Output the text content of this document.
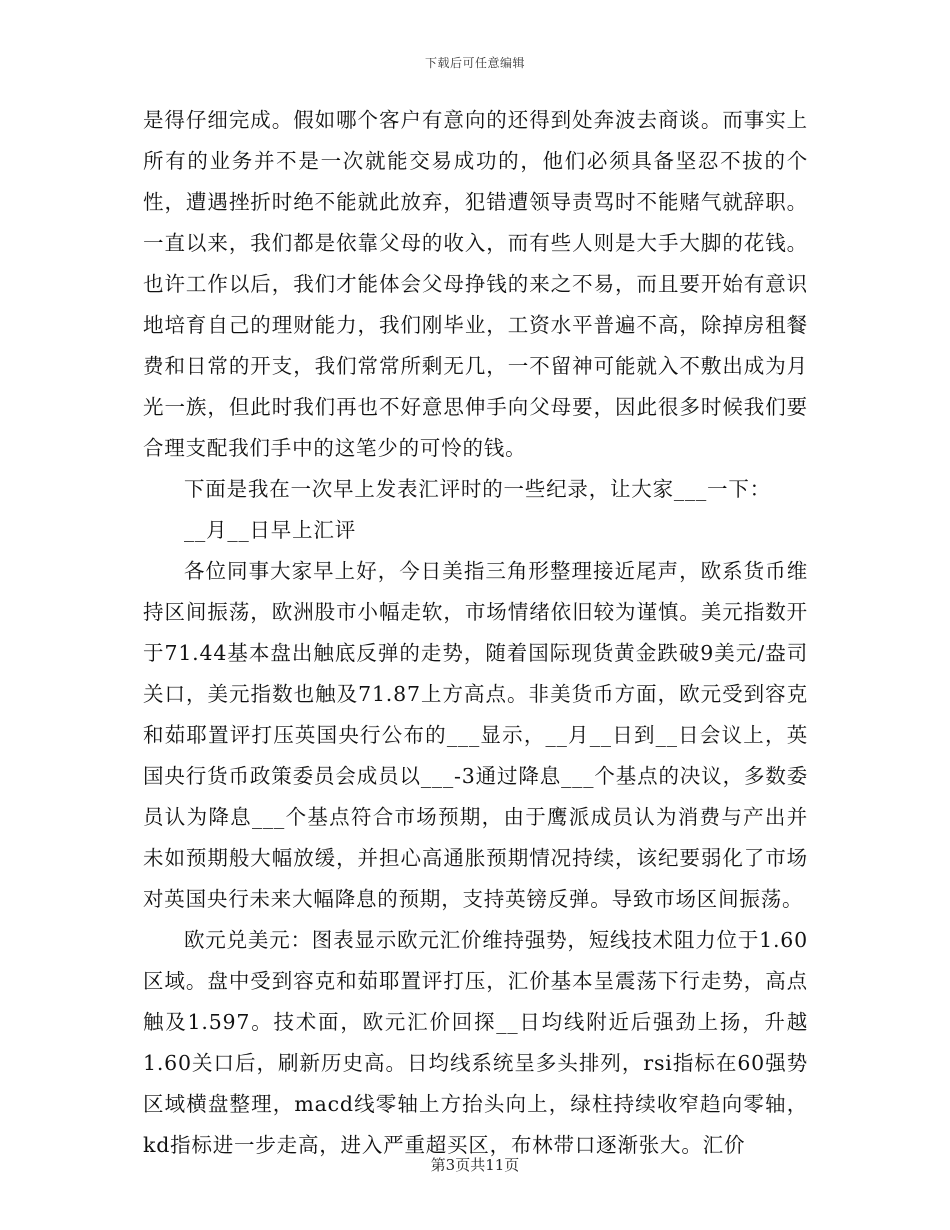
下载后可任意编辑

是得仔细完成。假如哪个客户有意向的还得到处奔波去商谈。而事实上所有的业务并不是一次就能交易成功的，他们必须具备坚忍不拔的个性，遭遇挫折时绝不能就此放弃，犯错遭领导责骂时不能赌气就辞职。一直以来，我们都是依靠父母的收入，而有些人则是大手大脚的花钱。也许工作以后，我们才能体会父母挣钱的来之不易，而且要开始有意识地培育自己的理财能力，我们刚毕业，工资水平普遍不高，除掉房租餐费和日常的开支，我们常常所剩无几，一不留神可能就入不敷出成为月光一族，但此时我们再也不好意思伸手向父母要，因此很多时候我们要合理支配我们手中的这笔少的可怜的钱。

下面是我在一次早上发表汇评时的一些纪录，让大家___一下：

__月__日早上汇评

各位同事大家早上好，今日美指三角形整理接近尾声，欧系货币维持区间振荡，欧洲股市小幅走软，市场情绪依旧较为谨慎。美元指数开于71.44基本盘出触底反弹的走势，随着国际现货黄金跌破9美元/盎司关口，美元指数也触及71.87上方高点。非美货币方面，欧元受到容克和茹耶置评打压英国央行公布的___显示，__月__日到__日会议上，英国央行货币政策委员会成员以___-3通过降息___个基点的决议，多数委员认为降息___个基点符合市场预期，由于鹰派成员认为消费与产出并未如预期般大幅放缓，并担心高通胀预期情况持续，该纪要弱化了市场对英国央行未来大幅降息的预期，支持英镑反弹。导致市场区间振荡。

欧元兑美元：图表显示欧元汇价维持强势，短线技术阻力位于1.60区域。盘中受到容克和茹耶置评打压，汇价基本呈震荡下行走势，高点触及1.597。技术面，欧元汇价回探__日均线附近后强劲上扬，升越1.60关口后，刷新历史高。日均线系统呈多头排列，rsi指标在60强势区域横盘整理，macd线零轴上方抬头向上，绿柱持续收窄趋向零轴，kd指标进一步走高，进入严重超买区，布林带口逐渐张大。汇价

第3页共11页
